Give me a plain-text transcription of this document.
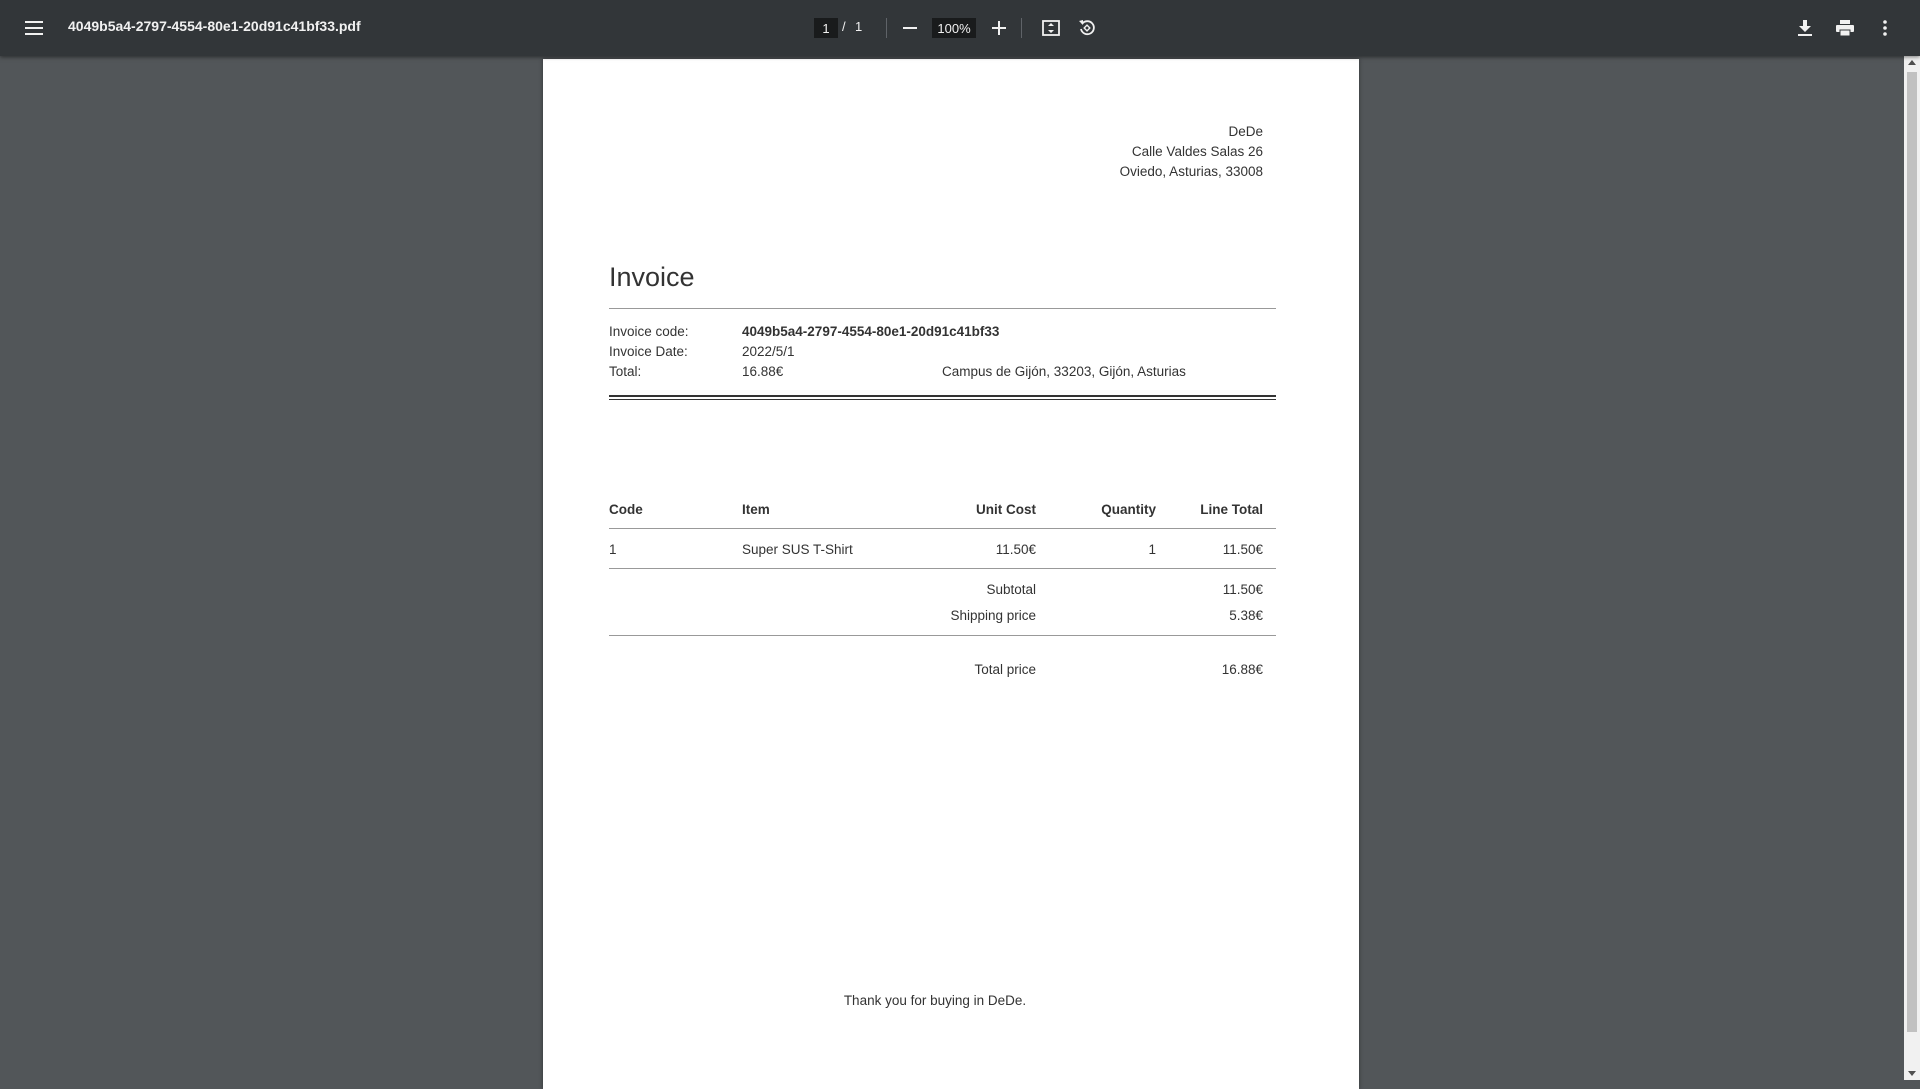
4049b5a4-2797-4554-80e1-20d91c41bf33.pdf
1	/ 1
100%
DeDe
Calle Valdes Salas 26
Oviedo, Asturias, 33008
Invoice
Invoice code:	4049b5a4-2797-4554-80e1-20d91c41bf33
Invoice Date:	2022/5/1
Total:	16.88€	Campus de Gijón, 33203, Gijón, Asturias
Code	Item	Unit Cost	Quantity	Line Total
1	Super SUS T-Shirt	11.50€	1	11.50€
Subtotal	11.50€
Shipping price	5.38€
Total price	16.88€
Thank you for buying in DeDe.
